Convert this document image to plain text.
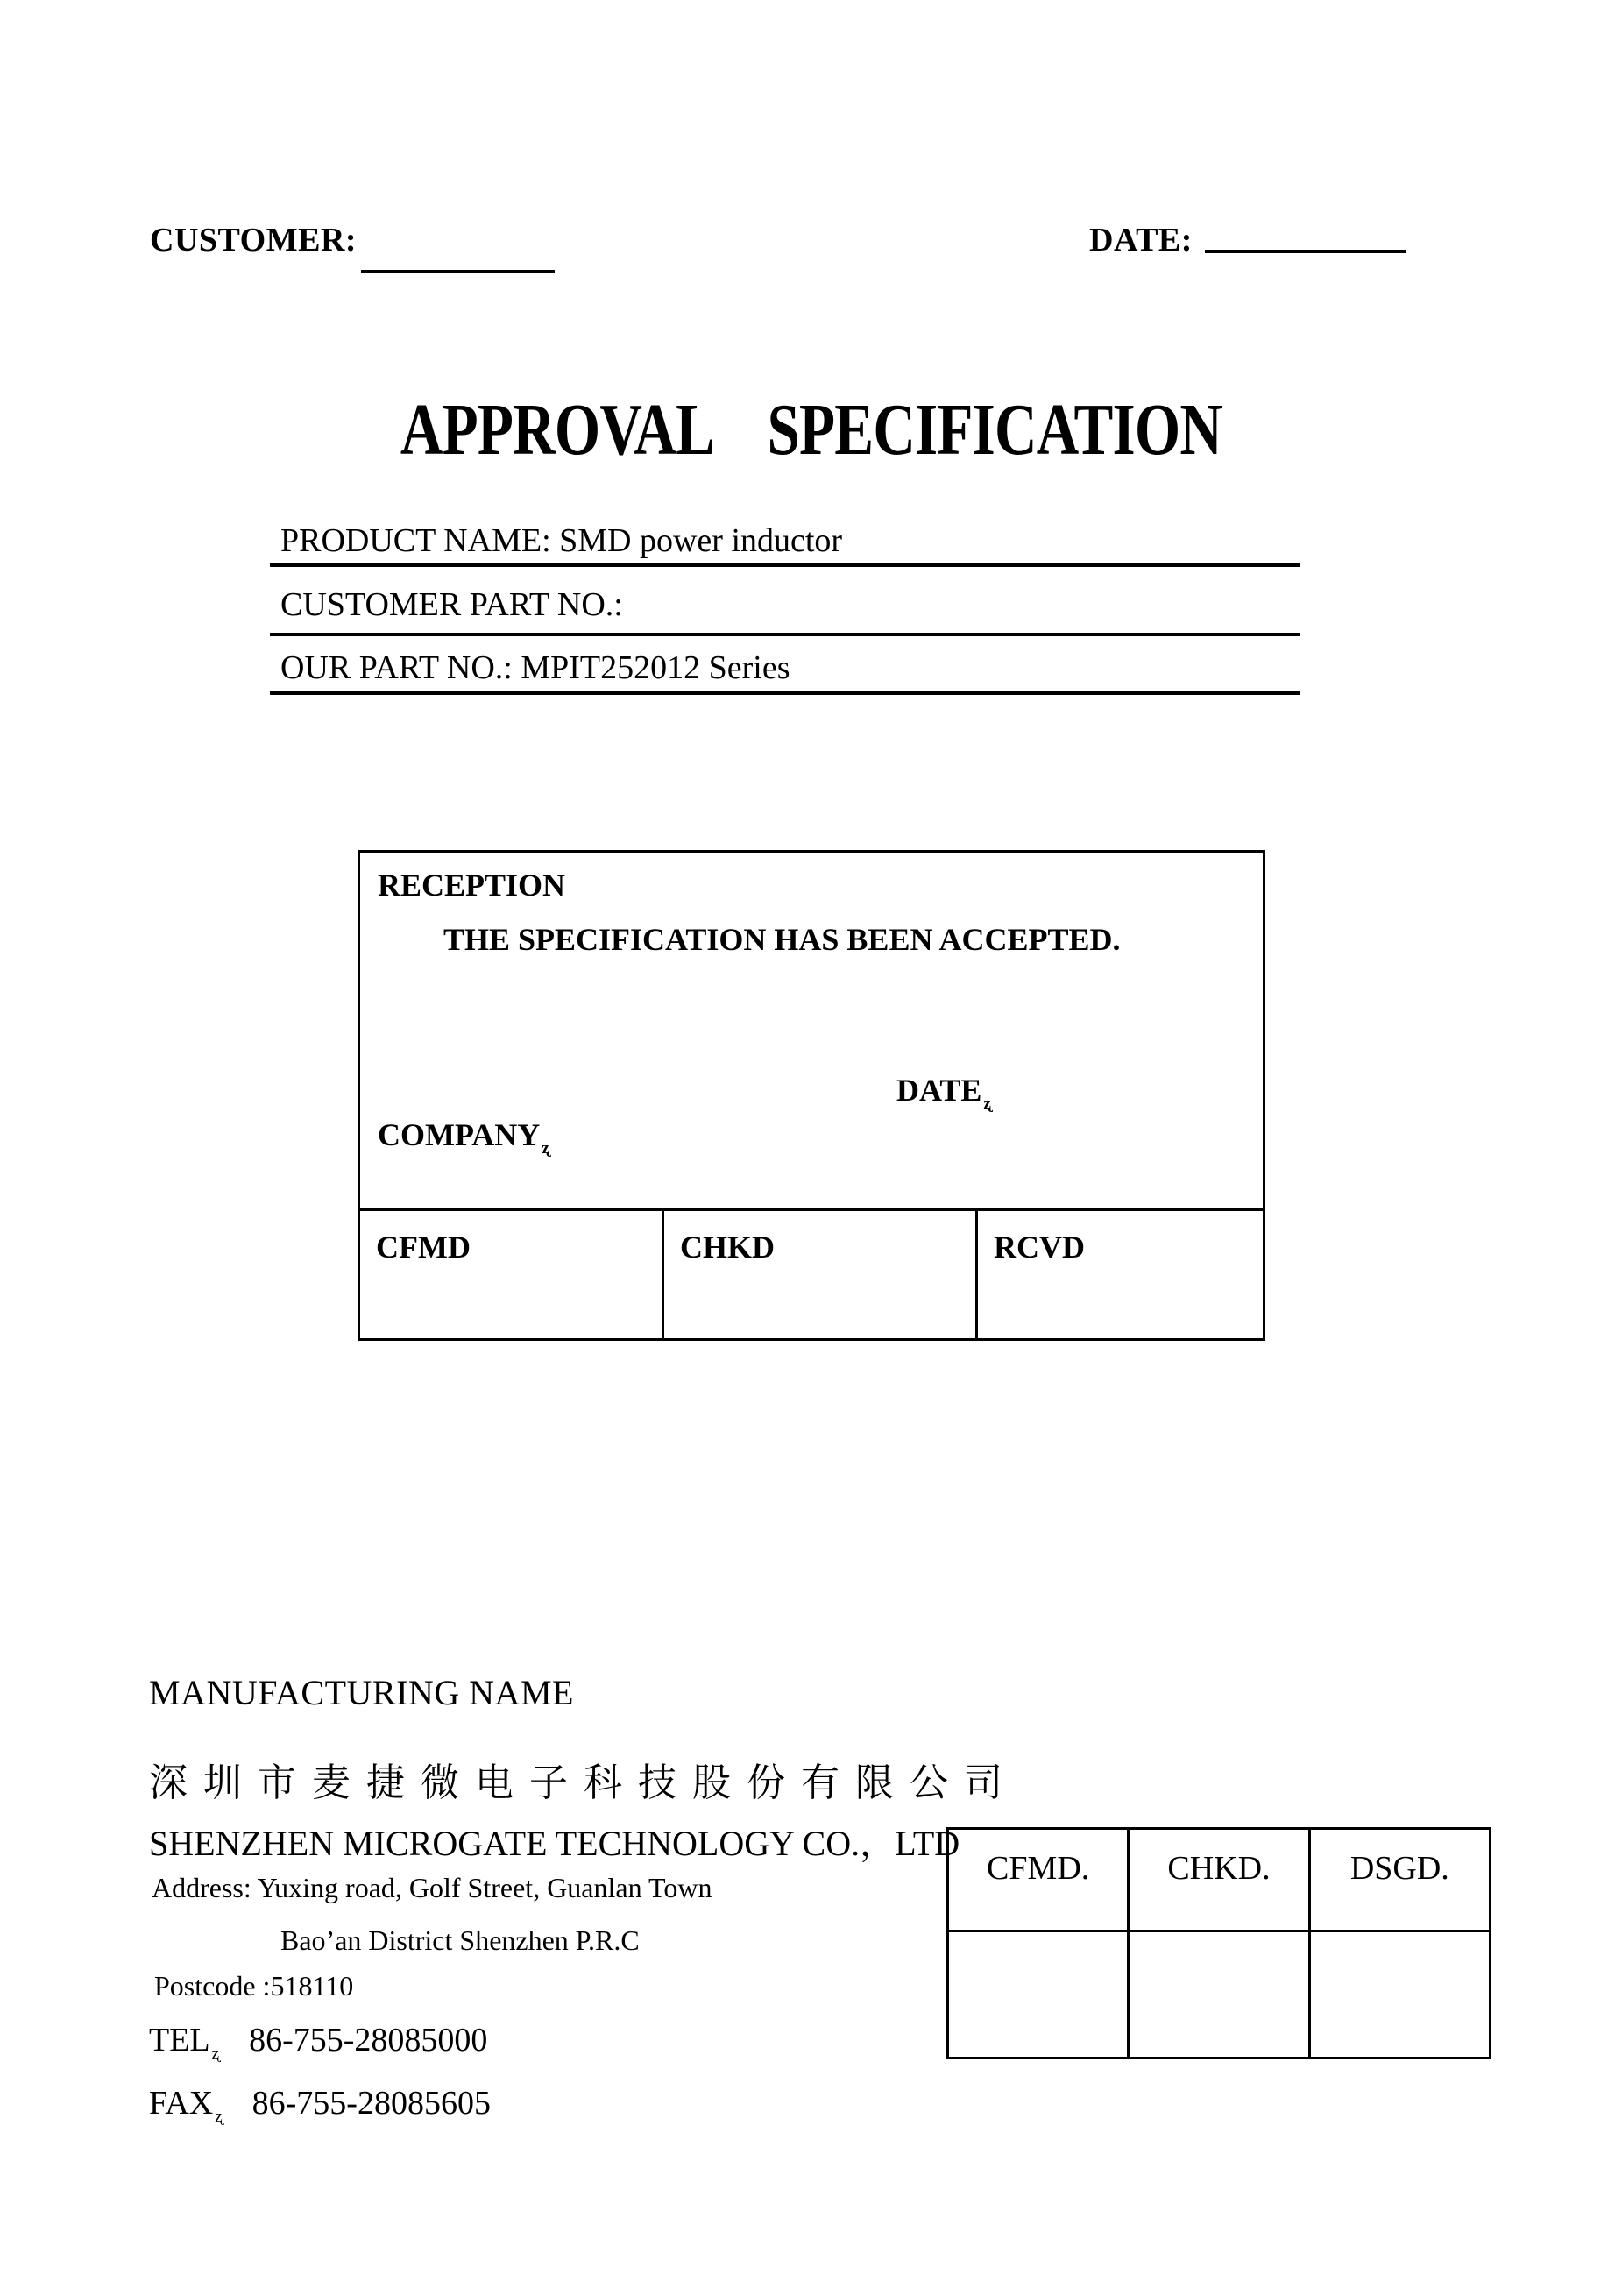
CUSTOMER:	DATE:
APPROVAL    SPECIFICATION
PRODUCT NAME: SMD power inductor
CUSTOMER PART NO.:
OUR PART NO.: MPIT252012 Series
RECEPTION
THE SPECIFICATION HAS BEEN ACCEPTED.
DATE $_ʐ$
COMPANY $_ʐ$
CFMD	CHKD	RCVD
MANUFACTURING NAME
深圳市麦捷微电子科技股份有限公司
SHENZHEN MICROGATE TECHNOLOGY CO.，LTD
Address: Yuxing road, Golf Street, Guanlan Town
Bao’an District Shenzhen P.R.C
Postcode :518110
TEL $_ʐ$ 86-755-28085000
FAX $_ʐ$ 86-755-28085605
CFMD.	CHKD.	DSGD.
